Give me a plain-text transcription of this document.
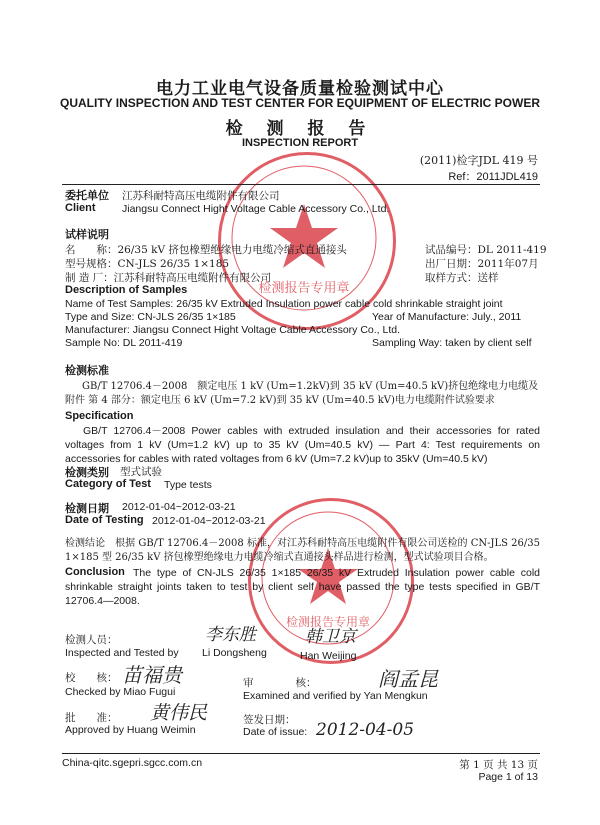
检测报告专用章
检测报告专用章
电力工业电气设备质量检验测试中心
QUALITY INSPECTION AND TEST CENTER FOR EQUIPMENT OF ELECTRIC POWER
检 测 报 告
INSPECTION REPORT
(2011)检字JDL 419 号
Ref：2011JDL419
委托单位 江苏科耐特高压电缆附件有限公司
Client	Jiangsu Connect Hight Voltage Cable Accessory Co., Ltd.
试样说明
名　　称：26/35 kV 挤包橡塑绝缘电力电缆冷缩式直通接头	试品编号：DL 2011-419
型号规格：CN-JLS 26/35 1×185	出厂日期：2011年07月
制 造 厂：江苏科耐特高压电缆附件有限公司	取样方式：送样
Description of Samples
Name of Test Samples: 26/35 kV Extruded Insulation power cable cold shrinkable straight joint
Type and Size: CN-JLS 26/35 1×185	Year of Manufacture: July., 2011
Manufacturer: Jiangsu Connect Hight Voltage Cable Accessory Co., Ltd.
Sample No: DL 2011-419	Sampling Way: taken by client self
检测标准
GB/T 12706.4－2008　额定电压 1 kV (Um=1.2kV)到 35 kV (Um=40.5 kV)挤包绝缘电力电缆及
附件 第 4 部分：额定电压 6 kV (Um=7.2 kV)到 35 kV (Um=40.5 kV)电力电缆附件试验要求
Specification
GB/T 12706.4－2008 Power cables with extruded insulation and their accessories for rated voltages from 1 kV (Um=1.2 kV) up to 35 kV (Um=40.5 kV) — Part 4: Test requirements on accessories for cables with rated voltages from 6 kV (Um=7.2 kV)up to 35kV (Um=40.5 kV)
检测类别 型式试验
Category of Test Type tests
检测日期 2012-01-04~2012-03-21
Date of Testing 2012-01-04~2012-03-21
检测结论　根据 GB/T 12706.4－2008 标准，对江苏科耐特高压电缆附件有限公司送检的 CN-JLS 26/35 1×185 型 26/35 kV 挤包橡塑绝缘电力电缆冷缩式直通接头样品进行检测，型式试验项目合格。
Conclusion The type of CN-JLS 26/35 1×185 26/35 kV Extruded Insulation power cable cold shrinkable straight joints taken to test by client self have passed the type tests specified in GB/T 12706.4—2008.
检测人员：	李东胜	韩卫京
Inspected and Tested by Li Dongsheng	Han Weijing
校　　核： 苗福贵
Checked by Miao Fugui
审　　　　核：	阎孟昆
Examined and verified by Yan Mengkun
批　　准： 黄伟民
Approved by Huang Weimin
签发日期：
Date of issue: 2012-04-05
China-qitc.sgepri.sgcc.com.cn	第 1 页 共 13 页
Page 1 of 13
